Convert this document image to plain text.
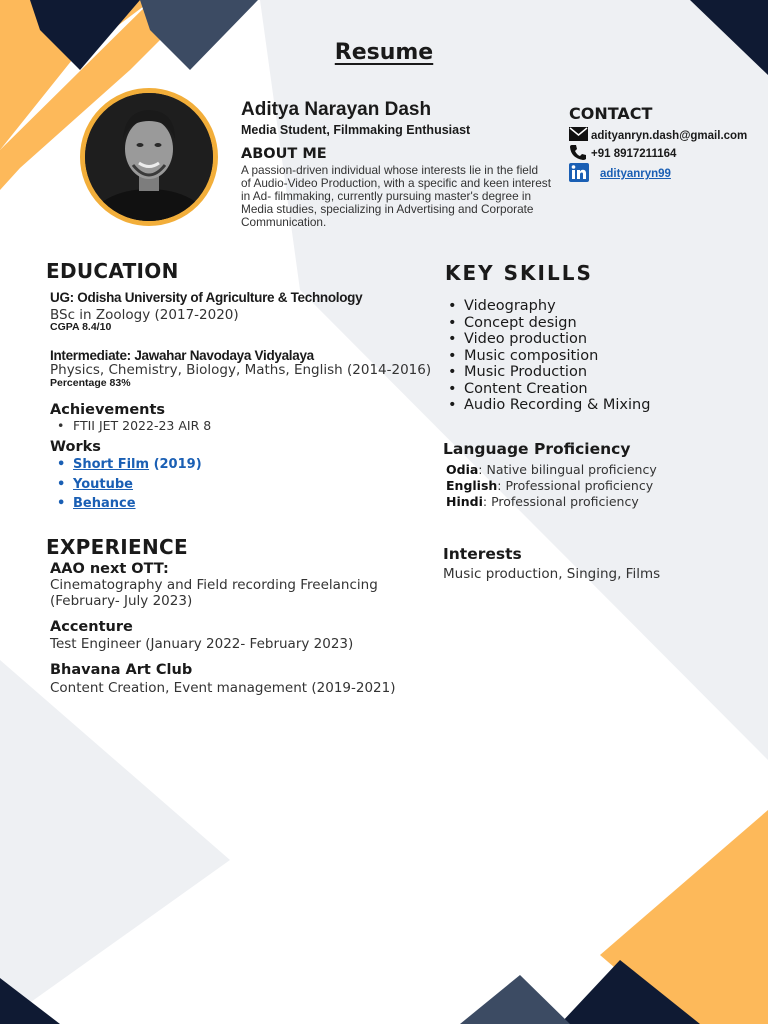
Resume
Aditya Narayan Dash
Media Student, Filmmaking Enthusiast
ABOUT ME
A passion-driven individual whose interests lie in the field of Audio-Video Production, with a specific and keen interest in Ad- filmmaking, currently pursuing master's degree in Media studies, specializing in Advertising and Corporate Communication.
CONTACT
adityanryn.dash@gmail.com
+91 8917211164
adityanryn99
EDUCATION
UG: Odisha University of Agriculture & Technology
BSc in Zoology (2017-2020)
CGPA 8.4/10
Intermediate: Jawahar Navodaya Vidyalaya
Physics, Chemistry, Biology, Maths, English (2014-2016)
Percentage 83%
Achievements
• FTII JET 2022-23 AIR 8
Works
• Short Film (2019)
• Youtube
• Behance
EXPERIENCE
AAO next OTT:
Cinematography and Field recording Freelancing (February- July 2023)
Accenture
Test Engineer (January 2022- February 2023)
Bhavana Art Club
Content Creation, Event management (2019-2021)
KEY SKILLS
• Videography
• Concept design
• Video production
• Music composition
• Music Production
• Content Creation
• Audio Recording & Mixing
Language Proficiency
Odia: Native bilingual proficiency
English: Professional proficiency
Hindi: Professional proficiency
Interests
Music production, Singing, Films
